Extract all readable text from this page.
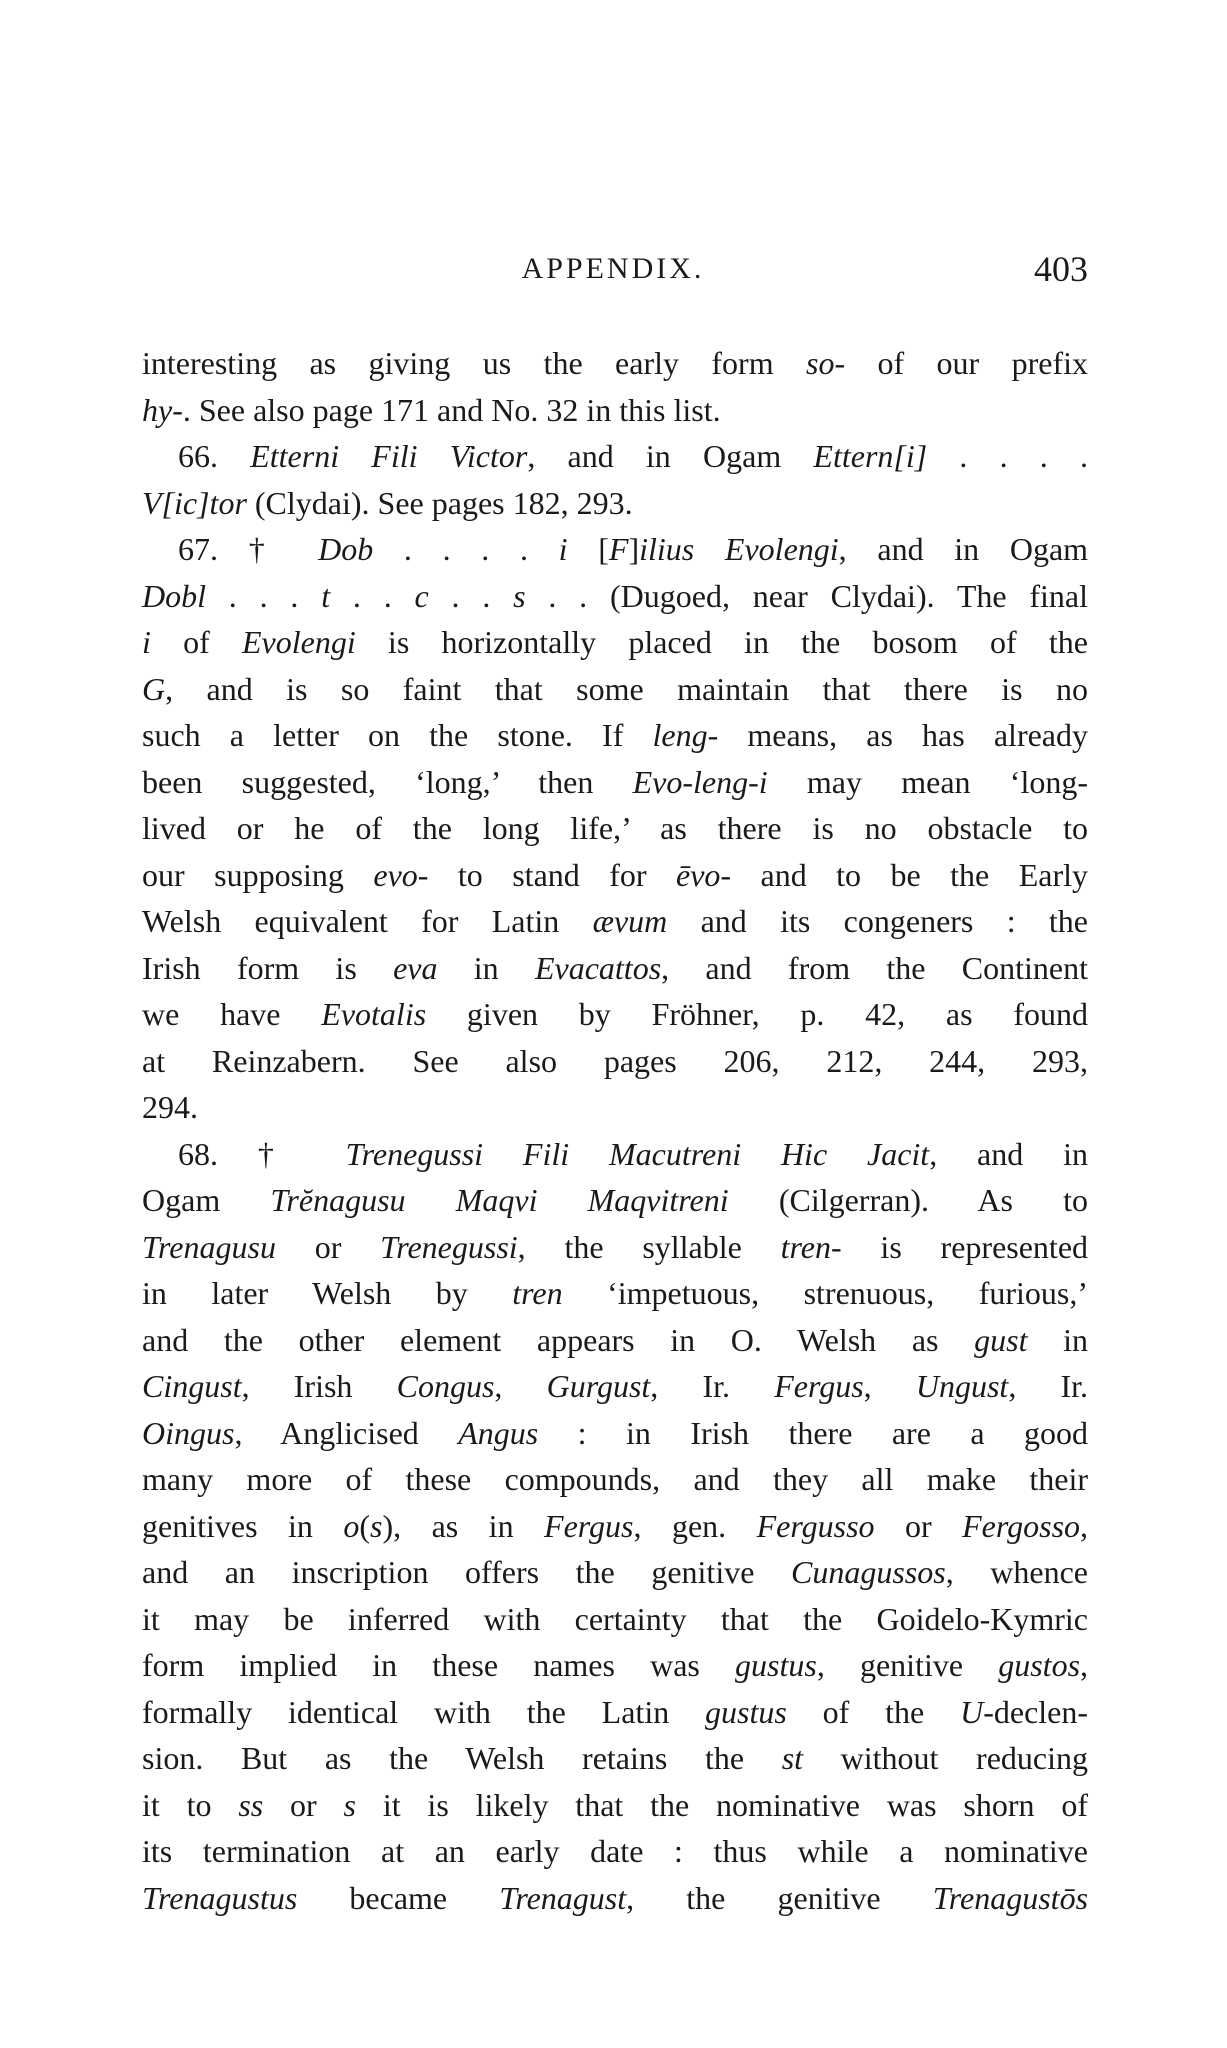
APPENDIX.	403
interesting as giving us the early form so- of our prefix
hy-. See also page 171 and No. 32 in this list.
66. Etterni Fili Victor, and in Ogam Ettern[i] . . . .
V[ic]tor (Clydai). See pages 182, 293.
67. † Dob . . . . i [F]ilius Evolengi, and in Ogam
Dobl . . . t . . c . . s . . (Dugoed, near Clydai). The final
i of Evolengi is horizontally placed in the bosom of the
G, and is so faint that some maintain that there is no
such a letter on the stone. If leng- means, as has already
been suggested, ‘long,’ then Evo-leng-i may mean ‘long-
lived or he of the long life,’ as there is no obstacle to
our supposing evo- to stand for ēvo- and to be the Early
Welsh equivalent for Latin ævum and its congeners : the
Irish form is eva in Evacattos, and from the Continent
we have Evotalis given by Fröhner, p. 42, as found
at Reinzabern. See also pages 206, 212, 244, 293,
294.
68. † Trenegussi Fili Macutreni Hic Jacit, and in
Ogam Trĕnagusu Maqvi Maqvitreni (Cilgerran). As to
Trenagusu or Trenegussi, the syllable tren- is represented
in later Welsh by tren ‘impetuous, strenuous, furious,’
and the other element appears in O. Welsh as gust in
Cingust, Irish Congus, Gurgust, Ir. Fergus, Ungust, Ir.
Oingus, Anglicised Angus : in Irish there are a good
many more of these compounds, and they all make their
genitives in o(s), as in Fergus, gen. Fergusso or Fergosso,
and an inscription offers the genitive Cunagussos, whence
it may be inferred with certainty that the Goidelo-Kymric
form implied in these names was gustus, genitive gustos,
formally identical with the Latin gustus of the U-declen-
sion. But as the Welsh retains the st without reducing
it to ss or s it is likely that the nominative was shorn of
its termination at an early date : thus while a nominative
Trenagustus became Trenagust, the genitive Trenagustōs
